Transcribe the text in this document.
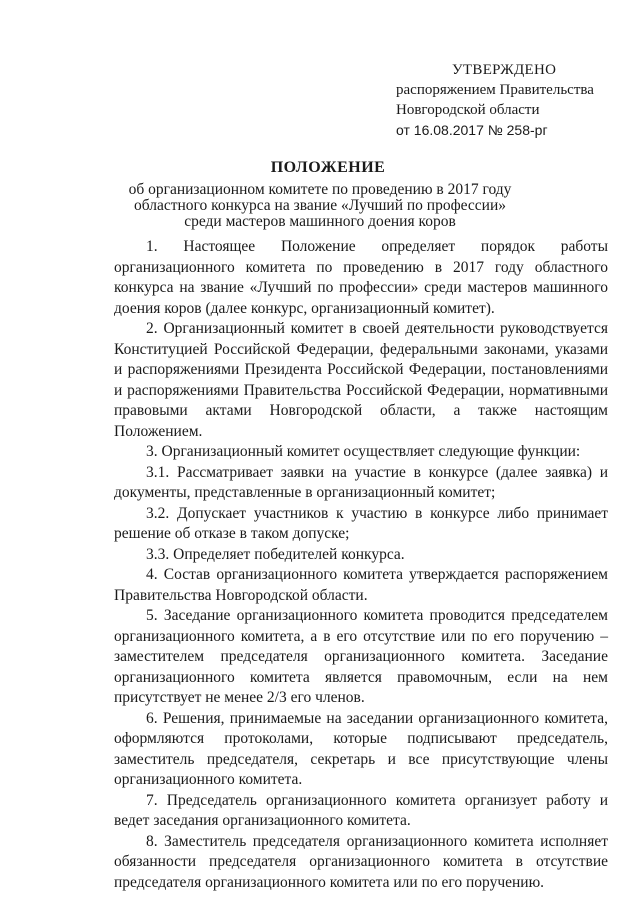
УТВЕРЖДЕНО
распоряжением Правительства
Новгородской области
от 16.08.2017 № 258-рг
ПОЛОЖЕНИЕ
об организационном комитете по проведению в 2017 году
областного конкурса на звание «Лучший по профессии»
среди мастеров машинного доения коров

1. Настоящее Положение определяет порядок работы организационного комитета по проведению в 2017 году областного конкурса на звание «Лучший по профессии» среди мастеров машинного доения коров (далее конкурс, организационный комитет).

2. Организационный комитет в своей деятельности руководствуется Конституцией Российской Федерации, федеральными законами, указами и распоряжениями Президента Российской Федерации, постановлениями и распоряжениями Правительства Российской Федерации, нормативными правовыми актами Новгородской области, а также настоящим Положением.

3. Организационный комитет осуществляет следующие функции:

3.1. Рассматривает заявки на участие в конкурсе (далее заявка) и документы, представленные в организационный комитет;

3.2. Допускает участников к участию в конкурсе либо принимает решение об отказе в таком допуске;

3.3. Определяет победителей конкурса.

4. Состав организационного комитета утверждается распоряжением Правительства Новгородской области.

5. Заседание организационного комитета проводится председателем организационного комитета, а в его отсутствие или по его поручению – заместителем председателя организационного комитета. Заседание организационного комитета является правомочным, если на нем присутствует не менее 2/3 его членов.

6. Решения, принимаемые на заседании организационного комитета, оформляются протоколами, которые подписывают председатель, заместитель председателя, секретарь и все присутствующие члены организационного комитета.

7. Председатель организационного комитета организует работу и ведет заседания организационного комитета.

8. Заместитель председателя организационного комитета исполняет обязанности председателя организационного комитета в отсутствие председателя организационного комитета или по его поручению.
